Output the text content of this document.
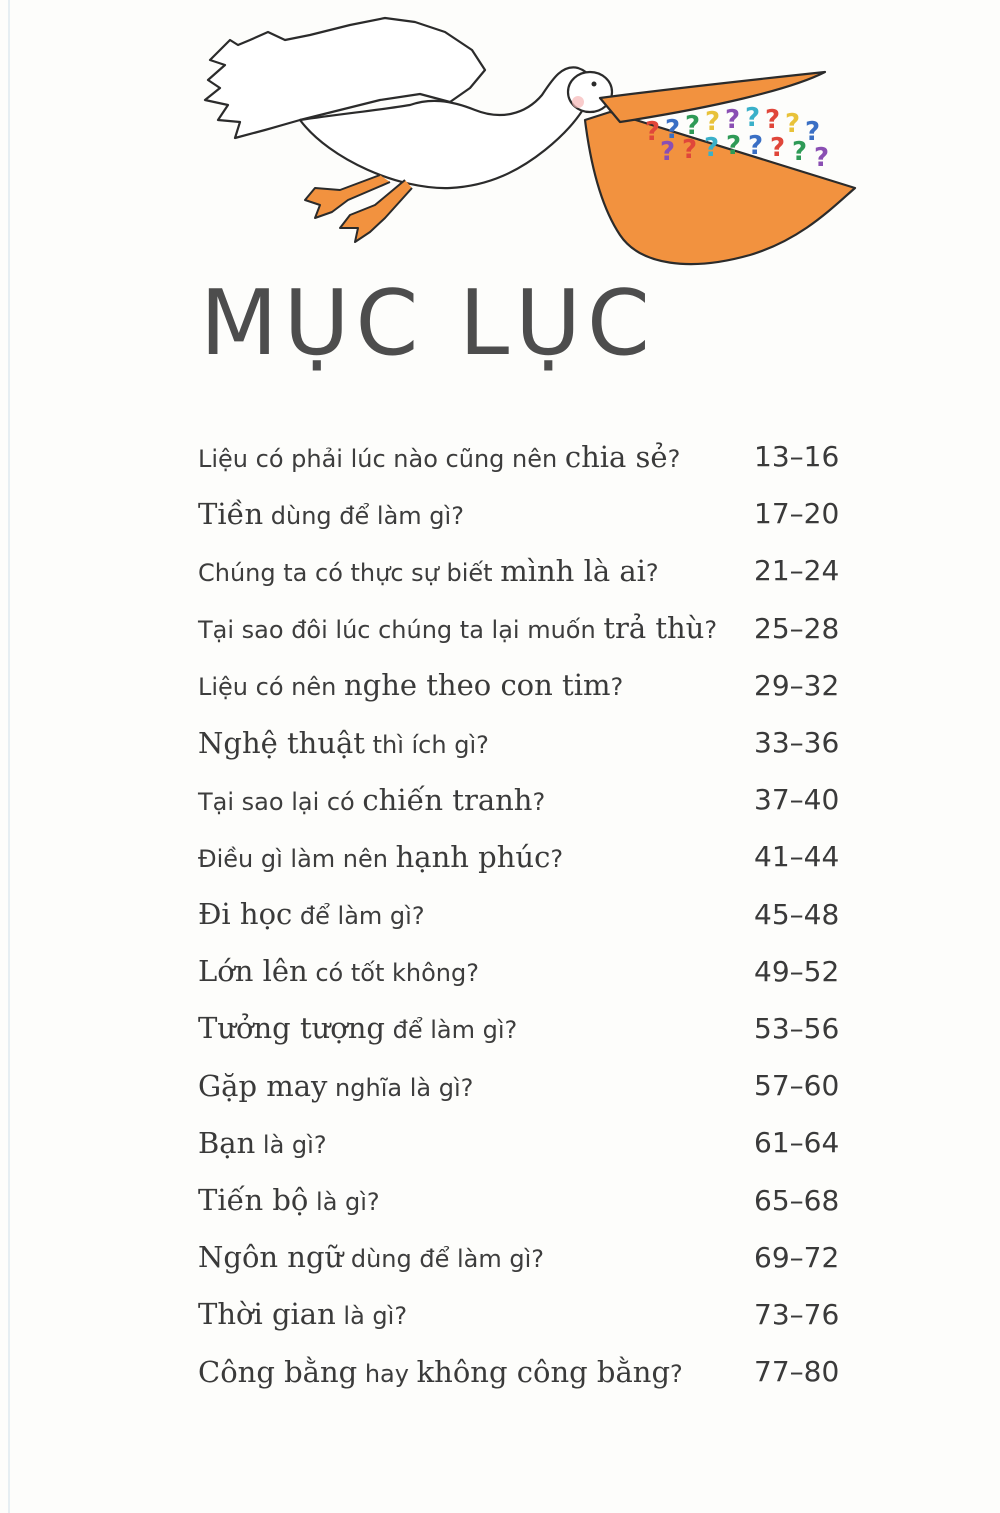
? ? ? ? ? ? ? ? ?
? ? ? ? ? ? ? ?
MỤC LỤC
Liệu có phải lúc nào cũng nên chia sẻ?	13–16
Tiền dùng để làm gì?	17–20
Chúng ta có thực sự biết mình là ai?	21–24
Tại sao đôi lúc chúng ta lại muốn trả thù? 25–28
Liệu có nên nghe theo con tim?	29–32
Nghệ thuật thì ích gì?	33–36
Tại sao lại có chiến tranh?	37–40
Điều gì làm nên hạnh phúc?	41–44
Đi học để làm gì?	45–48
Lớn lên có tốt không?	49–52
Tưởng tượng để làm gì?	53–56
Gặp may nghĩa là gì?	57–60
Bạn là gì?	61–64
Tiến bộ là gì?	65–68
Ngôn ngữ dùng để làm gì?	69–72
Thời gian là gì?	73–76
Công bằng hay không công bằng?	77–80
